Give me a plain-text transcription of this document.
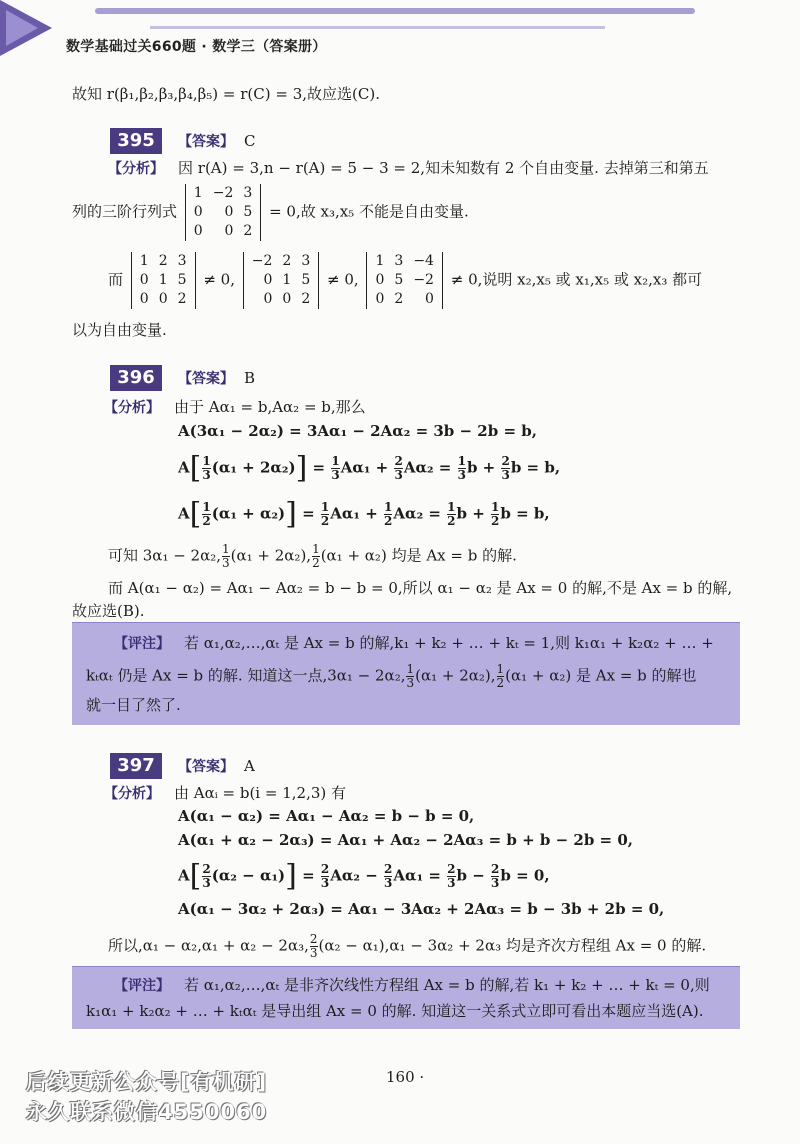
数学基础过关660题 · 数学三（答案册）
故知 r(β₁,β₂,β₃,β₄,β₅) = r(C) = 3,故应选(C).
395	【答案】 C
【分析】 因 r(A) = 3,n − r(A) = 5 − 3 = 2,知未知数有 2 个自由变量. 去掉第三和第五
列的三阶行列式
1	−2	3
0	0	5
0	0	2
= 0,故 x₃,x₅ 不能是自由变量.
而
1	2	3
0	1	5
0	0	2
≠ 0,
−2	2	3
0	1	5
0	0	2
≠ 0,
1	3	−4
0	5	−2
0	2	0
≠ 0,说明 x₂,x₅ 或 x₁,x₅ 或 x₂,x₃ 都可
以为自由变量.
396	【答案】 B
【分析】 由于 Aα₁ = b,Aα₂ = b,那么
A(3α₁ − 2α₂) = 3Aα₁ − 2Aα₂ = 3b − 2b = b,
$A[ \frac{1}{3} (\alpha_1 + 2\alpha_2)] = \frac{1}{3} A\alpha_1 + \frac{2}{3} A\alpha_2 = \frac{1}{3}$ $b + \frac{2}{3}$ b = b,
$A[ \frac{1}{2} (\alpha_1 + \alpha_2)] = \frac{1}{2} A\alpha_1 + \frac{1}{2} A\alpha_2 = \frac{1}{2}$ $b + \frac{1}{2}$ b = b,
可知 3α₁ − 2α₂, $\frac{1}{3} (\alpha_1 + 2\alpha_2)$, $\frac{1}{2} (\alpha_1 + \alpha_2)$ 均是 Ax = b 的解.
而 A(α₁ − α₂) = Aα₁ − Aα₂ = b − b = 0,所以 α₁ − α₂ 是 Ax = 0 的解,不是 Ax = b 的解,
故应选(B).
【评注】 若 α₁,α₂,…,αₜ 是 Ax = b 的解,k₁ + k₂ + … + kₜ = 1,则 k₁α₁ + k₂α₂ + … +
kₜαₜ 仍是 Ax = b 的解. 知道这一点,3α₁ − 2α₂, $\frac{1}{3} (\alpha_1 + 2\alpha_2)$, $\frac{1}{2} (\alpha_1 + \alpha_2)$ 是 Ax = b 的解也
就一目了然了.
397	【答案】 A
【分析】 由 Aαᵢ = b(i = 1,2,3) 有
A(α₁ − α₂) = Aα₁ − Aα₂ = b − b = 0,
A(α₁ + α₂ − 2α₃) = Aα₁ + Aα₂ − 2Aα₃ = b + b − 2b = 0,
$A[ \frac{2}{3} (\alpha_2 - \alpha_1)] = \frac{2}{3} A\alpha_2 - \frac{2}{3} A\alpha_1 = \frac{2}{3}$ $b - \frac{2}{3}$ b = 0,
A(α₁ − 3α₂ + 2α₃) = Aα₁ − 3Aα₂ + 2Aα₃ = b − 3b + 2b = 0,
所以,α₁ − α₂,α₁ + α₂ − 2α₃, $\frac{2}{3} (\alpha_2 - \alpha_1),\alpha_1 - 3\alpha_2 + 2\alpha_3$ 均是齐次方程组 Ax = 0 的解.
【评注】 若 α₁,α₂,…,αₜ 是非齐次线性方程组 Ax = b 的解,若 k₁ + k₂ + … + kₜ = 0,则
k₁α₁ + k₂α₂ + … + kₜαₜ 是导出组 Ax = 0 的解. 知道这一关系式立即可看出本题应当选(A).
160 ·
后续更新公众号[有机研]
永久联系微信4550060
